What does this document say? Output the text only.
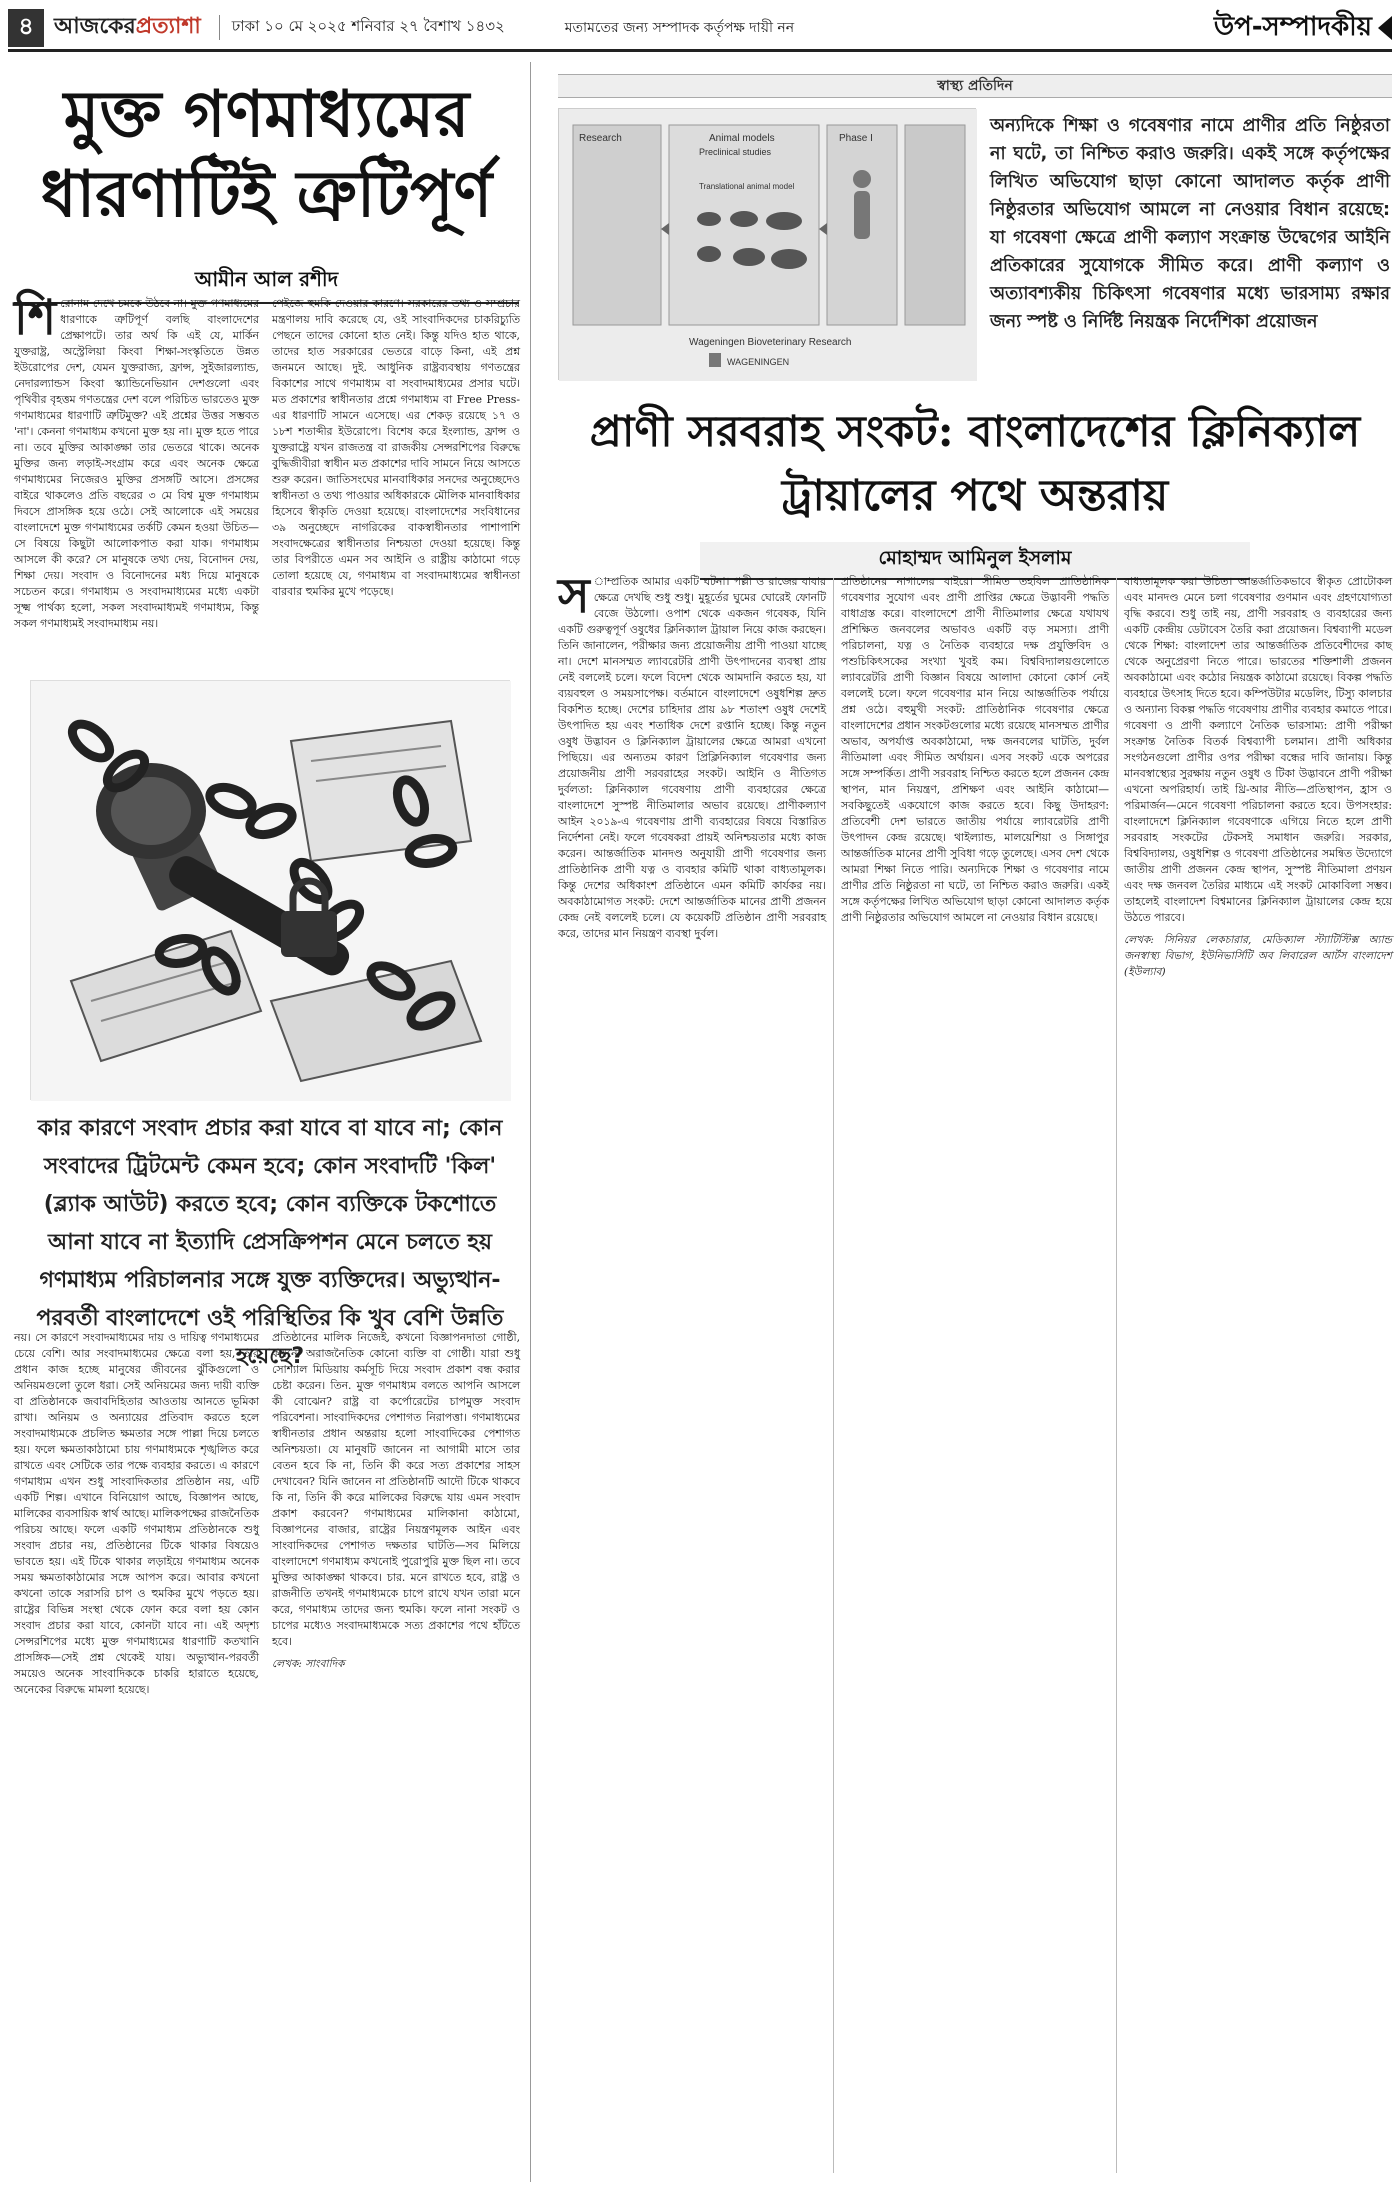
৪ আজকেরপ্রত্যাশা	ঢাকা ১০ মে ২০২৫ শনিবার ২৭ বৈশাখ ১৪৩২	মতামতের জন্য সম্পাদক কর্তৃপক্ষ দায়ী নন	উপ-সম্পাদকীয়
মুক্ত গণমাধ্যমের ধারণাটিই ত্রুটিপূর্ণ
আমীন আল রশীদ
শিরোনাম দেখে চমকে উঠবে না। মুক্ত গণমাধ্যমের ধারণাকে ত্রুটিপূর্ণ বলছি বাংলাদেশের প্রেক্ষাপটে। তার অর্থ কি এই যে, মার্কিন যুক্তরাষ্ট্র, অস্ট্রেলিয়া কিংবা শিক্ষা-সংস্কৃতিতে উন্নত ইউরোপের দেশ, যেমন যুক্তরাজ্য, ফ্রান্স, সুইজারল্যান্ড, নেদারল্যান্ডস কিংবা স্ক্যান্ডিনেভিয়ান দেশগুলো এবং পৃথিবীর বৃহত্তম গণতন্ত্রের দেশ বলে পরিচিত ভারতেও মুক্ত গণমাধ্যমের ধারণাটি ত্রুটিমুক্ত? এই প্রশ্নের উত্তর সম্ভবত 'না'। কেননা গণমাধ্যম কখনো মুক্ত হয় না। মুক্ত হতে পারে না। তবে মুক্তির আকাঙ্ক্ষা তার ভেতরে থাকে। অনেক মুক্তির জন্য লড়াই-সংগ্রাম করে এবং অনেক ক্ষেত্রে গণমাধ্যমের নিজেরও মুক্তির প্রসঙ্গটি আসে। প্রসঙ্গের বাইরে থাকলেও প্রতি বছরের ৩ মে বিশ্ব মুক্ত গণমাধ্যম দিবসে প্রাসঙ্গিক হয়ে ওঠে। সেই আলোকে এই সময়ের বাংলাদেশে মুক্ত গণমাধ্যমের তর্কটি কেমন হওয়া উচিত— সে বিষয়ে কিছুটা আলোকপাত করা যাক। গণমাধ্যম আসলে কী করে? সে মানুষকে তথ্য দেয়, বিনোদন দেয়, শিক্ষা দেয়। সংবাদ ও বিনোদনের মধ্য দিয়ে মানুষকে সচেতন করে। গণমাধ্যম ও সংবাদমাধ্যমের মধ্যে একটা সূক্ষ্ম পার্থক্য হলো, সকল সংবাদমাধ্যমই গণমাধ্যম, কিন্তু সকল গণমাধ্যমই সংবাদমাধ্যম নয়।
পেইজে হুমকি দেওয়ার কারণে। সরকারের তথ্য ও সম্প্রচার মন্ত্রণালয় দাবি করেছে যে, ওই সাংবাদিকদের চাকরিচ্যুতি পেছনে তাদের কোনো হাত নেই। কিন্তু যদিও হাত থাকে, তাদের হাত সরকারের ভেতরে বাড়ে কিনা, এই প্রশ্ন জনমনে আছে। দুই. আধুনিক রাষ্ট্রব্যবস্থায় গণতন্ত্রের বিকাশের সাথে গণমাধ্যম বা সংবাদমাধ্যমের প্রসার ঘটে। মত প্রকাশের স্বাধীনতার প্রশ্নে গণমাধ্যম বা Free Press-এর ধারণাটি সামনে এসেছে। এর শেকড় রয়েছে ১৭ ও ১৮শ শতাব্দীর ইউরোপে। বিশেষ করে ইংল্যান্ড, ফ্রান্স ও যুক্তরাষ্ট্রে যখন রাজতন্ত্র বা রাজকীয় সেন্সরশিপের বিরুদ্ধে বুদ্ধিজীবীরা স্বাধীন মত প্রকাশের দাবি সামনে নিয়ে আসতে শুরু করেন। জাতিসংঘের মানবাধিকার সনদের অনুচ্ছেদেও স্বাধীনতা ও তথ্য পাওয়ার অধিকারকে মৌলিক মানবাধিকার হিসেবে স্বীকৃতি দেওয়া হয়েছে। বাংলাদেশের সংবিধানের ৩৯ অনুচ্ছেদে নাগরিকের বাকস্বাধীনতার পাশাপাশি সংবাদক্ষেত্রের স্বাধীনতার নিশ্চয়তা দেওয়া হয়েছে। কিন্তু তার বিপরীতে এমন সব আইনি ও রাষ্ট্রীয় কাঠামো গড়ে তোলা হয়েছে যে, গণমাধ্যম বা সংবাদমাধ্যমের স্বাধীনতা বারবার হুমকির মুখে পড়েছে।
কার কারণে সংবাদ প্রচার করা যাবে বা যাবে না; কোন সংবাদের ট্রিটমেন্ট কেমন হবে; কোন সংবাদটি 'কিল' (ব্ল্যাক আউট) করতে হবে; কোন ব্যক্তিকে টকশোতে আনা যাবে না ইত্যাদি প্রেসক্রিপশন মেনে চলতে হয় গণমাধ্যম পরিচালনার সঙ্গে যুক্ত ব্যক্তিদের। অভ্যুত্থান-পরবর্তী বাংলাদেশে ওই পরিস্থিতির কি খুব বেশি উন্নতি হয়েছে?
নয়। সে কারণে সংবাদমাধ্যমের দায় ও দায়িত্ব গণমাধ্যমের চেয়ে বেশি। আর সংবাদমাধ্যমের ক্ষেত্রে বলা হয়, তার প্রধান কাজ হচ্ছে মানুষের জীবনের ঝুঁকিগুলো ও অনিয়মগুলো তুলে ধরা। সেই অনিয়মের জন্য দায়ী ব্যক্তি বা প্রতিষ্ঠানকে জবাবদিহিতার আওতায় আনতে ভূমিকা রাখা। অনিয়ম ও অন্যায়ের প্রতিবাদ করতে হলে সংবাদমাধ্যমকে প্রচলিত ক্ষমতার সঙ্গে পাল্লা দিয়ে চলতে হয়। ফলে ক্ষমতাকাঠামো চায় গণমাধ্যমকে শৃঙ্খলিত করে রাখতে এবং সেটিকে তার পক্ষে ব্যবহার করতে। এ কারণে গণমাধ্যম এখন শুধু সাংবাদিকতার প্রতিষ্ঠান নয়, এটি একটি শিল্প। এখানে বিনিয়োগ আছে, বিজ্ঞাপন আছে, মালিকের ব্যবসায়িক স্বার্থ আছে। মালিকপক্ষের রাজনৈতিক পরিচয় আছে। ফলে একটি গণমাধ্যম প্রতিষ্ঠানকে শুধু সংবাদ প্রচার নয়, প্রতিষ্ঠানের টিকে থাকার বিষয়েও ভাবতে হয়। এই টিকে থাকার লড়াইয়ে গণমাধ্যম অনেক সময় ক্ষমতাকাঠামোর সঙ্গে আপস করে। আবার কখনো কখনো তাকে সরাসরি চাপ ও হুমকির মুখে পড়তে হয়। রাষ্ট্রের বিভিন্ন সংস্থা থেকে ফোন করে বলা হয় কোন সংবাদ প্রচার করা যাবে, কোনটা যাবে না। এই অদৃশ্য সেন্সরশিপের মধ্যে মুক্ত গণমাধ্যমের ধারণাটি কতখানি প্রাসঙ্গিক—সেই প্রশ্ন থেকেই যায়। অভ্যুত্থান-পরবর্তী সময়েও অনেক সাংবাদিককে চাকরি হারাতে হয়েছে, অনেকের বিরুদ্ধে মামলা হয়েছে।
প্রতিষ্ঠানের মালিক নিজেই, কখনো বিজ্ঞাপনদাতা গোষ্ঠী, কখনো অরাজনৈতিক কোনো ব্যক্তি বা গোষ্ঠী। যারা শুধু সোশ্যাল মিডিয়ায় কর্মসূচি দিয়ে সংবাদ প্রকাশ বন্ধ করার চেষ্টা করেন। তিন. মুক্ত গণমাধ্যম বলতে আপনি আসলে কী বোঝেন? রাষ্ট্র বা কর্পোরেটের চাপমুক্ত সংবাদ পরিবেশনা। সাংবাদিকদের পেশাগত নিরাপত্তা। গণমাধ্যমের স্বাধীনতার প্রধান অন্তরায় হলো সাংবাদিকের পেশাগত অনিশ্চয়তা। যে মানুষটি জানেন না আগামী মাসে তার বেতন হবে কি না, তিনি কী করে সত্য প্রকাশের সাহস দেখাবেন? যিনি জানেন না প্রতিষ্ঠানটি আদৌ টিকে থাকবে কি না, তিনি কী করে মালিকের বিরুদ্ধে যায় এমন সংবাদ প্রকাশ করবেন? গণমাধ্যমের মালিকানা কাঠামো, বিজ্ঞাপনের বাজার, রাষ্ট্রের নিয়ন্ত্রণমূলক আইন এবং সাংবাদিকদের পেশাগত দক্ষতার ঘাটতি—সব মিলিয়ে বাংলাদেশে গণমাধ্যম কখনোই পুরোপুরি মুক্ত ছিল না। তবে মুক্তির আকাঙ্ক্ষা থাকবে। চার. মনে রাখতে হবে, রাষ্ট্র ও রাজনীতি তখনই গণমাধ্যমকে চাপে রাখে যখন তারা মনে করে, গণমাধ্যম তাদের জন্য হুমকি। ফলে নানা সংকট ও চাপের মধ্যেও সংবাদমাধ্যমকে সত্য প্রকাশের পথে হাঁটতে হবে।
লেখক: সাংবাদিক
স্বাস্থ্য প্রতিদিন
Research	Animal models
Preclinical studies
Phase I
Translational animal model
Wageningen Bioveterinary Research
WAGENINGEN
অন্যদিকে শিক্ষা ও গবেষণার নামে প্রাণীর প্রতি নিষ্ঠুরতা না ঘটে, তা নিশ্চিত করাও জরুরি। একই সঙ্গে কর্তৃপক্ষের লিখিত অভিযোগ ছাড়া কোনো আদালত কর্তৃক প্রাণী নিষ্ঠুরতার অভিযোগ আমলে না নেওয়ার বিধান রয়েছে: যা গবেষণা ক্ষেত্রে প্রাণী কল্যাণ সংক্রান্ত উদ্বেগের আইনি প্রতিকারের সুযোগকে সীমিত করে। প্রাণী কল্যাণ ও অত্যাবশ্যকীয় চিকিৎসা গবেষণার মধ্যে ভারসাম্য রক্ষার জন্য স্পষ্ট ও নির্দিষ্ট নিয়ন্ত্রক নির্দেশিকা প্রয়োজন
প্রাণী সরবরাহ সংকট: বাংলাদেশের ক্লিনিক্যাল ট্রায়ালের পথে অন্তরায়
মোহাম্মদ আমিনুল ইসলাম
স াম্প্রতিক আমার একটি ঘটনা। পল্লী ও রাজের বাবার ক্ষেত্রে দেখছি শুধু শুধু। মুহূর্তের ঘুমের ঘোরেই ফোনটি বেজে উঠলো। ওপাশ থেকে একজন গবেষক, যিনি একটি গুরুত্বপূর্ণ ওষুধের ক্লিনিক্যাল ট্রায়াল নিয়ে কাজ করছেন। তিনি জানালেন, পরীক্ষার জন্য প্রয়োজনীয় প্রাণী পাওয়া যাচ্ছে না। দেশে মানসম্মত ল্যাবরেটরি প্রাণী উৎপাদনের ব্যবস্থা প্রায় নেই বললেই চলে। ফলে বিদেশ থেকে আমদানি করতে হয়, যা ব্যয়বহুল ও সময়সাপেক্ষ। বর্তমানে বাংলাদেশে ওষুধশিল্প দ্রুত বিকশিত হচ্ছে। দেশের চাহিদার প্রায় ৯৮ শতাংশ ওষুধ দেশেই উৎপাদিত হয় এবং শতাধিক দেশে রপ্তানি হচ্ছে। কিন্তু নতুন ওষুধ উদ্ভাবন ও ক্লিনিক্যাল ট্রায়ালের ক্ষেত্রে আমরা এখনো পিছিয়ে। এর অন্যতম কারণ প্রিক্লিনিক্যাল গবেষণার জন্য প্রয়োজনীয় প্রাণী সরবরাহের সংকট। আইনি ও নীতিগত দুর্বলতা: ক্লিনিক্যাল গবেষণায় প্রাণী ব্যবহারের ক্ষেত্রে বাংলাদেশে সুস্পষ্ট নীতিমালার অভাব রয়েছে। প্রাণীকল্যাণ আইন ২০১৯-এ গবেষণায় প্রাণী ব্যবহারের বিষয়ে বিস্তারিত নির্দেশনা নেই। ফলে গবেষকরা প্রায়ই অনিশ্চয়তার মধ্যে কাজ করেন। আন্তর্জাতিক মানদণ্ড অনুযায়ী প্রাণী গবেষণার জন্য প্রাতিষ্ঠানিক প্রাণী যত্ন ও ব্যবহার কমিটি থাকা বাধ্যতামূলক। কিন্তু দেশের অধিকাংশ প্রতিষ্ঠানে এমন কমিটি কার্যকর নয়। অবকাঠামোগত সংকট: দেশে আন্তর্জাতিক মানের প্রাণী প্রজনন কেন্দ্র নেই বললেই চলে। যে কয়েকটি প্রতিষ্ঠান প্রাণী সরবরাহ করে, তাদের মান নিয়ন্ত্রণ ব্যবস্থা দুর্বল।
প্রতিষ্ঠানের নাগালের বাইরে। সীমিত তহবিল প্রাতিষ্ঠানিক গবেষণার সুযোগ এবং প্রাণী প্রাপ্তির ক্ষেত্রে উদ্ভাবনী পদ্ধতি বাধাগ্রস্ত করে। বাংলাদেশে প্রাণী নীতিমালার ক্ষেত্রে যথাযথ প্রশিক্ষিত জনবলের অভাবও একটি বড় সমস্যা। প্রাণী পরিচালনা, যত্ন ও নৈতিক ব্যবহারে দক্ষ প্রযুক্তিবিদ ও পশুচিকিৎসকের সংখ্যা খুবই কম। বিশ্ববিদ্যালয়গুলোতে ল্যাবরেটরি প্রাণী বিজ্ঞান বিষয়ে আলাদা কোনো কোর্স নেই বললেই চলে। ফলে গবেষণার মান নিয়ে আন্তর্জাতিক পর্যায়ে প্রশ্ন ওঠে। বহুমুখী সংকট: প্রাতিষ্ঠানিক গবেষণার ক্ষেত্রে বাংলাদেশের প্রধান সংকটগুলোর মধ্যে রয়েছে মানসম্মত প্রাণীর অভাব, অপর্যাপ্ত অবকাঠামো, দক্ষ জনবলের ঘাটতি, দুর্বল নীতিমালা এবং সীমিত অর্থায়ন। এসব সংকট একে অপরের সঙ্গে সম্পর্কিত। প্রাণী সরবরাহ নিশ্চিত করতে হলে প্রজনন কেন্দ্র স্থাপন, মান নিয়ন্ত্রণ, প্রশিক্ষণ এবং আইনি কাঠামো—সবকিছুতেই একযোগে কাজ করতে হবে। কিছু উদাহরণ: প্রতিবেশী দেশ ভারতে জাতীয় পর্যায়ে ল্যাবরেটরি প্রাণী উৎপাদন কেন্দ্র রয়েছে। থাইল্যান্ড, মালয়েশিয়া ও সিঙ্গাপুর আন্তর্জাতিক মানের প্রাণী সুবিধা গড়ে তুলেছে। এসব দেশ থেকে আমরা শিক্ষা নিতে পারি। অন্যদিকে শিক্ষা ও গবেষণার নামে প্রাণীর প্রতি নিষ্ঠুরতা না ঘটে, তা নিশ্চিত করাও জরুরি। একই সঙ্গে কর্তৃপক্ষের লিখিত অভিযোগ ছাড়া কোনো আদালত কর্তৃক প্রাণী নিষ্ঠুরতার অভিযোগ আমলে না নেওয়ার বিধান রয়েছে।
বাধ্যতামূলক করা উচিত। আন্তর্জাতিকভাবে স্বীকৃত প্রোটোকল এবং মানদণ্ড মেনে চলা গবেষণার গুণমান এবং গ্রহণযোগ্যতা বৃদ্ধি করবে। শুধু তাই নয়, প্রাণী সরবরাহ ও ব্যবহারের জন্য একটি কেন্দ্রীয় ডেটাবেস তৈরি করা প্রয়োজন। বিশ্বব্যাপী মডেল থেকে শিক্ষা: বাংলাদেশ তার আন্তর্জাতিক প্রতিবেশীদের কাছ থেকে অনুপ্রেরণা নিতে পারে। ভারতের শক্তিশালী প্রজনন অবকাঠামো এবং কঠোর নিয়ন্ত্রক কাঠামো রয়েছে। বিকল্প পদ্ধতি ব্যবহারে উৎসাহ দিতে হবে। কম্পিউটার মডেলিং, টিস্যু কালচার ও অন্যান্য বিকল্প পদ্ধতি গবেষণায় প্রাণীর ব্যবহার কমাতে পারে। গবেষণা ও প্রাণী কল্যাণে নৈতিক ভারসাম্য: প্রাণী পরীক্ষা সংক্রান্ত নৈতিক বিতর্ক বিশ্বব্যাপী চলমান। প্রাণী অধিকার সংগঠনগুলো প্রাণীর ওপর পরীক্ষা বন্ধের দাবি জানায়। কিন্তু মানবস্বাস্থ্যের সুরক্ষায় নতুন ওষুধ ও টিকা উদ্ভাবনে প্রাণী পরীক্ষা এখনো অপরিহার্য। তাই থ্রি-আর নীতি—প্রতিস্থাপন, হ্রাস ও পরিমার্জন—মেনে গবেষণা পরিচালনা করতে হবে। উপসংহার: বাংলাদেশে ক্লিনিক্যাল গবেষণাকে এগিয়ে নিতে হলে প্রাণী সরবরাহ সংকটের টেকসই সমাধান জরুরি। সরকার, বিশ্ববিদ্যালয়, ওষুধশিল্প ও গবেষণা প্রতিষ্ঠানের সমন্বিত উদ্যোগে জাতীয় প্রাণী প্রজনন কেন্দ্র স্থাপন, সুস্পষ্ট নীতিমালা প্রণয়ন এবং দক্ষ জনবল তৈরির মাধ্যমে এই সংকট মোকাবিলা সম্ভব। তাহলেই বাংলাদেশ বিশ্বমানের ক্লিনিক্যাল ট্রায়ালের কেন্দ্র হয়ে উঠতে পারবে।
লেখক: সিনিয়র লেকচারার, মেডিক্যাল স্ট্যাটিস্টিক্স অ্যান্ড জনস্বাস্থ্য বিভাগ, ইউনিভার্সিটি অব লিবারেল আর্টস বাংলাদেশ (ইউল্যাব)
